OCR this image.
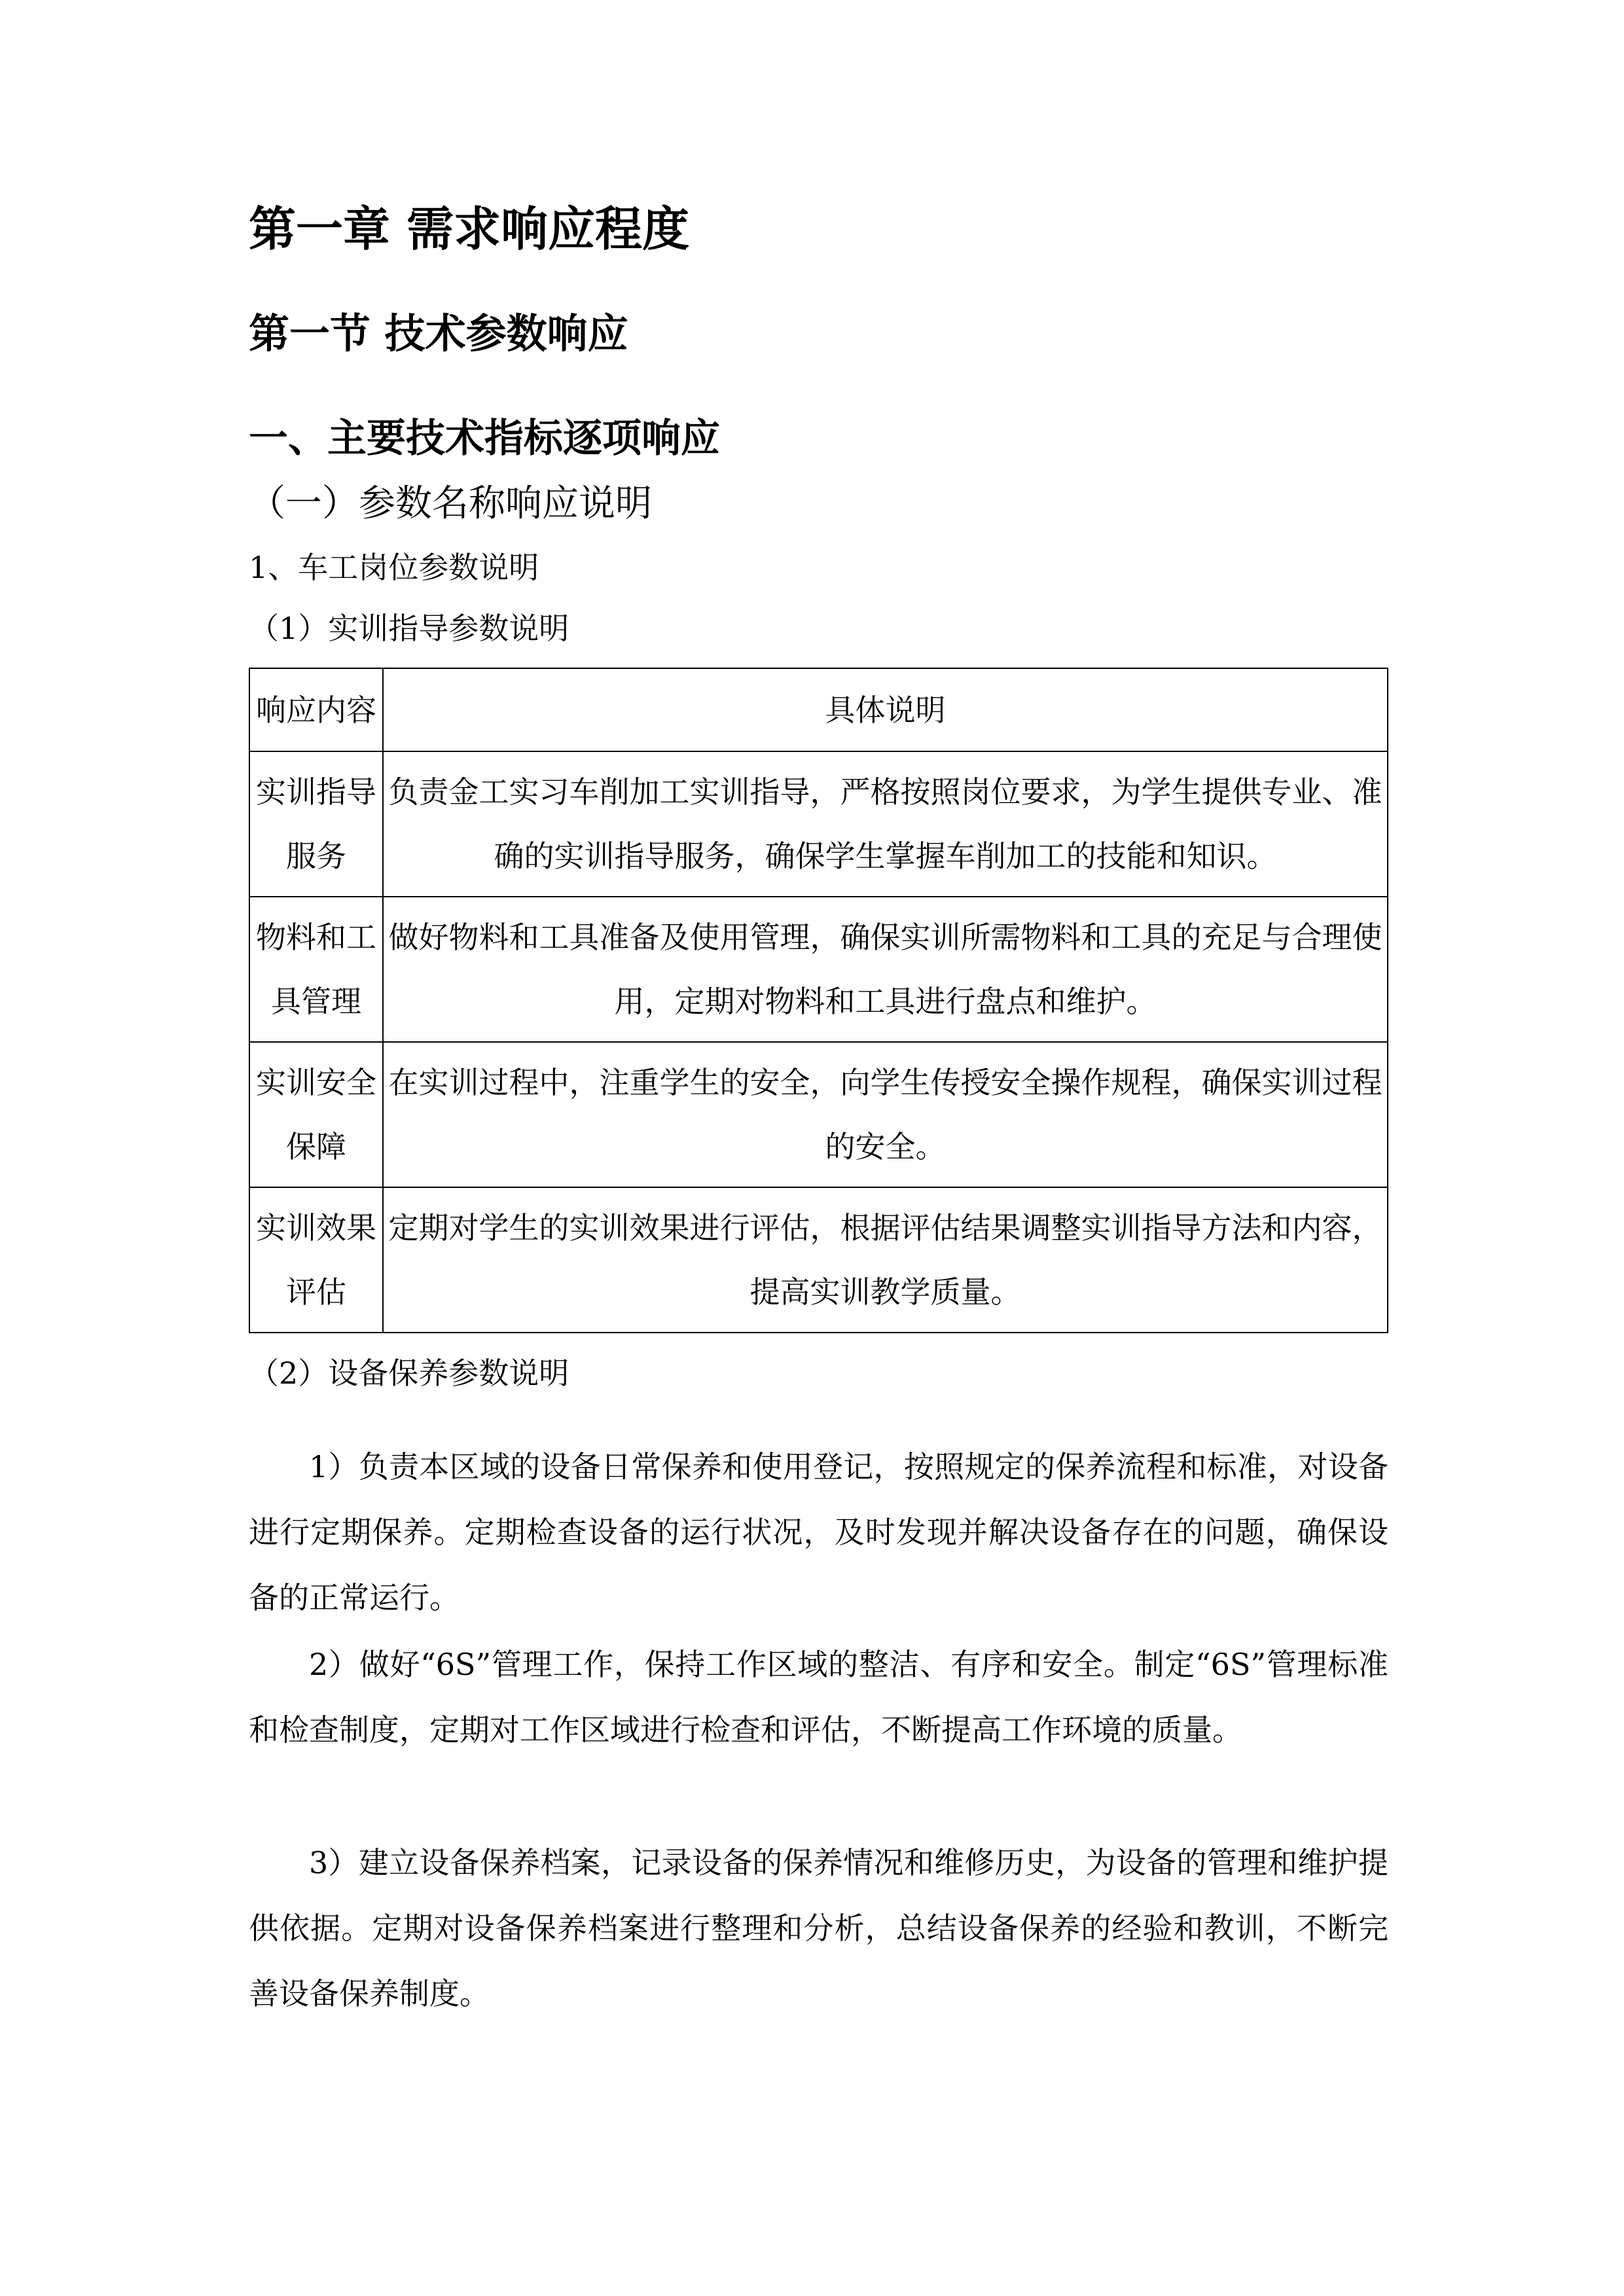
第一章 需求响应程度
第一节 技术参数响应
一、主要技术指标逐项响应
（一）参数名称响应说明
1、车工岗位参数说明
（1）实训指导参数说明
响应内容	具体说明
实训指导服务	负责金工实习车削加工实训指导，严格按照岗位要求，为学生提供专业、准确的实训指导服务，确保学生掌握车削加工的技能和知识。
物料和工具管理	做好物料和工具准备及使用管理，确保实训所需物料和工具的充足与合理使用，定期对物料和工具进行盘点和维护。
实训安全保障	在实训过程中，注重学生的安全，向学生传授安全操作规程，确保实训过程的安全。
实训效果评估	定期对学生的实训效果进行评估，根据评估结果调整实训指导方法和内容，提高实训教学质量。
（2）设备保养参数说明

1）负责本区域的设备日常保养和使用登记，按照规定的保养流程和标准，对设备进行定期保养。定期检查设备的运行状况，及时发现并解决设备存在的问题，确保设备的正常运行。

2）做好“6S”管理工作，保持工作区域的整洁、有序和安全。制定“6S”管理标准和检查制度，定期对工作区域进行检查和评估，不断提高工作环境的质量。

3）建立设备保养档案，记录设备的保养情况和维修历史，为设备的管理和维护提供依据。定期对设备保养档案进行整理和分析，总结设备保养的经验和教训，不断完善设备保养制度。
